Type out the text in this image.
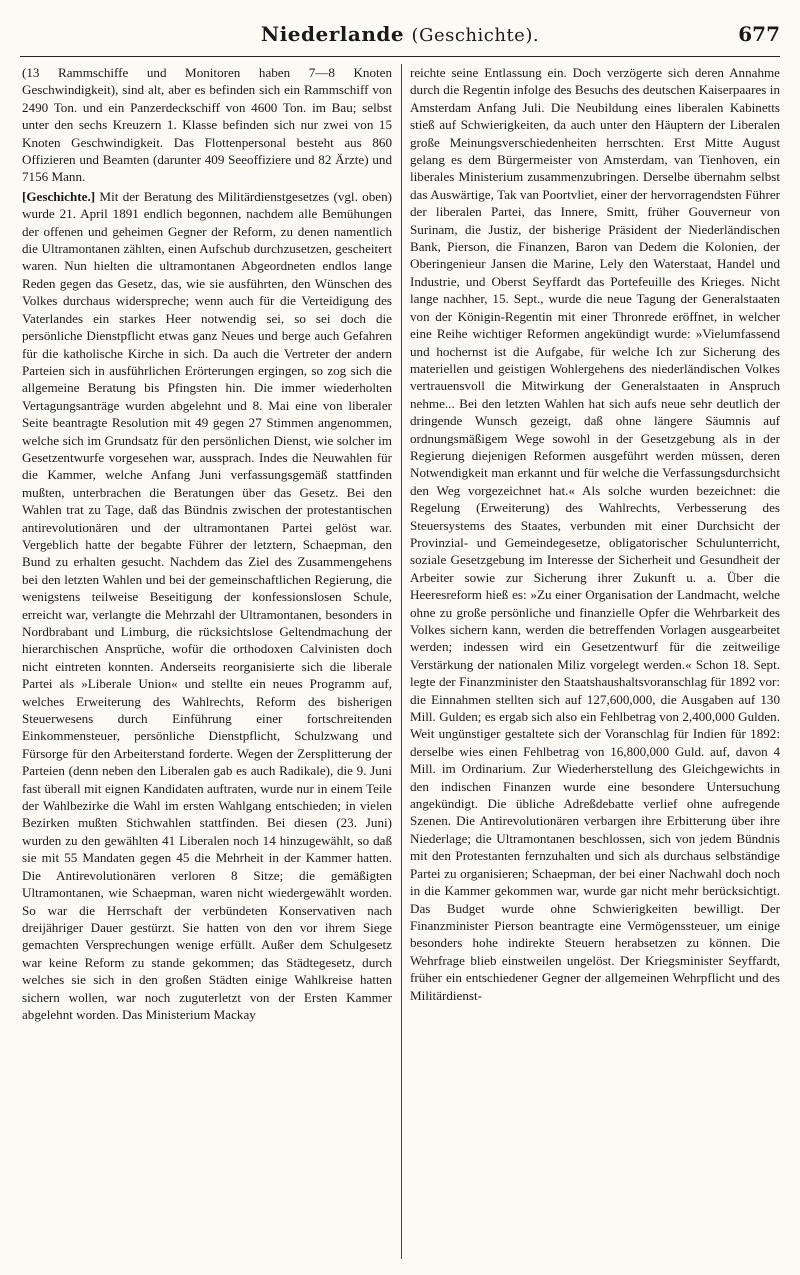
Niederlande (Geschichte).	677

(13 Rammschiffe und Monitoren haben 7—8 Knoten Geschwindigkeit), sind alt, aber es befinden sich ein Rammschiff von 2490 Ton. und ein Panzerdeckschiff von 4600 Ton. im Bau; selbst unter den sechs Kreuzern 1. Klasse befinden sich nur zwei von 15 Knoten Geschwindigkeit. Das Flottenpersonal besteht aus 860 Offizieren und Beamten (darunter 409 Seeoffiziere und 82 Ärzte) und 7156 Mann.

[Geschichte.] Mit der Beratung des Militärdienstgesetzes (vgl. oben) wurde 21. April 1891 endlich begonnen, nachdem alle Bemühungen der offenen und geheimen Gegner der Reform, zu denen namentlich die Ultramontanen zählten, einen Aufschub durchzusetzen, gescheitert waren. Nun hielten die ultramontanen Abgeordneten endlos lange Reden gegen das Gesetz, das, wie sie ausführten, den Wünschen des Volkes durchaus widerspreche; wenn auch für die Verteidigung des Vaterlandes ein starkes Heer notwendig sei, so sei doch die persönliche Dienstpflicht etwas ganz Neues und berge auch Gefahren für die katholische Kirche in sich. Da auch die Vertreter der andern Parteien sich in ausführlichen Erörterungen ergingen, so zog sich die allgemeine Beratung bis Pfingsten hin. Die immer wiederholten Vertagungsanträge wurden abgelehnt und 8. Mai eine von liberaler Seite beantragte Resolution mit 49 gegen 27 Stimmen angenommen, welche sich im Grundsatz für den persönlichen Dienst, wie solcher im Gesetzentwurfe vorgesehen war, aussprach. Indes die Neuwahlen für die Kammer, welche Anfang Juni verfassungsgemäß stattfinden mußten, unterbrachen die Beratungen über das Gesetz. Bei den Wahlen trat zu Tage, daß das Bündnis zwischen der protestantischen antirevolutionären und der ultramontanen Partei gelöst war. Vergeblich hatte der begabte Führer der letztern, Schaepman, den Bund zu erhalten gesucht. Nachdem das Ziel des Zusammengehens bei den letzten Wahlen und bei der gemeinschaftlichen Regierung, die wenigstens teilweise Beseitigung der konfessionslosen Schule, erreicht war, verlangte die Mehrzahl der Ultramontanen, besonders in Nordbrabant und Limburg, die rücksichtslose Geltendmachung der hierarchischen Ansprüche, wofür die orthodoxen Calvinisten doch nicht eintreten konnten. Anderseits reorganisierte sich die liberale Partei als »Liberale Union« und stellte ein neues Programm auf, welches Erweiterung des Wahlrechts, Reform des bisherigen Steuerwesens durch Einführung einer fortschreitenden Einkommensteuer, persönliche Dienstpflicht, Schulzwang und Fürsorge für den Arbeiterstand forderte. Wegen der Zersplitterung der Parteien (denn neben den Liberalen gab es auch Radikale), die 9. Juni fast überall mit eignen Kandidaten auftraten, wurde nur in einem Teile der Wahlbezirke die Wahl im ersten Wahlgang entschieden; in vielen Bezirken mußten Stichwahlen stattfinden. Bei diesen (23. Juni) wurden zu den gewählten 41 Liberalen noch 14 hinzugewählt, so daß sie mit 55 Mandaten gegen 45 die Mehrheit in der Kammer hatten. Die Antirevolutionären verloren 8 Sitze; die gemäßigten Ultramontanen, wie Schaepman, waren nicht wiedergewählt worden. So war die Herrschaft der verbündeten Konservativen nach dreijähriger Dauer gestürzt. Sie hatten von den vor ihrem Siege gemachten Versprechungen wenige erfüllt. Außer dem Schulgesetz war keine Reform zu stande gekommen; das Städtegesetz, durch welches sie sich in den großen Städten einige Wahlkreise hatten sichern wollen, war noch zuguterletzt von der Ersten Kammer abgelehnt worden. Das Ministerium Mackay

reichte seine Entlassung ein. Doch verzögerte sich deren Annahme durch die Regentin infolge des Besuchs des deutschen Kaiserpaares in Amsterdam Anfang Juli. Die Neubildung eines liberalen Kabinetts stieß auf Schwierigkeiten, da auch unter den Häuptern der Liberalen große Meinungsverschiedenheiten herrschten. Erst Mitte August gelang es dem Bürgermeister von Amsterdam, van Tienhoven, ein liberales Ministerium zusammenzubringen. Derselbe übernahm selbst das Auswärtige, Tak van Poortvliet, einer der hervorragendsten Führer der liberalen Partei, das Innere, Smitt, früher Gouverneur von Surinam, die Justiz, der bisherige Präsident der Niederländischen Bank, Pierson, die Finanzen, Baron van Dedem die Kolonien, der Oberingenieur Jansen die Marine, Lely den Waterstaat, Handel und Industrie, und Oberst Seyffardt das Portefeuille des Krieges. Nicht lange nachher, 15. Sept., wurde die neue Tagung der Generalstaaten von der Königin-Regentin mit einer Thronrede eröffnet, in welcher eine Reihe wichtiger Reformen angekündigt wurde: »Vielumfassend und hochernst ist die Aufgabe, für welche Ich zur Sicherung des materiellen und geistigen Wohlergehens des niederländischen Volkes vertrauensvoll die Mitwirkung der Generalstaaten in Anspruch nehme... Bei den letzten Wahlen hat sich aufs neue sehr deutlich der dringende Wunsch gezeigt, daß ohne längere Säumnis auf ordnungsmäßigem Wege sowohl in der Gesetzgebung als in der Regierung diejenigen Reformen ausgeführt werden müssen, deren Notwendigkeit man erkannt und für welche die Verfassungsdurchsicht den Weg vorgezeichnet hat.« Als solche wurden bezeichnet: die Regelung (Erweiterung) des Wahlrechts, Verbesserung des Steuersystems des Staates, verbunden mit einer Durchsicht der Provinzial- und Gemeindegesetze, obligatorischer Schulunterricht, soziale Gesetzgebung im Interesse der Sicherheit und Gesundheit der Arbeiter sowie zur Sicherung ihrer Zukunft u. a. Über die Heeresreform hieß es: »Zu einer Organisation der Landmacht, welche ohne zu große persönliche und finanzielle Opfer die Wehrbarkeit des Volkes sichern kann, werden die betreffenden Vorlagen ausgearbeitet werden; indessen wird ein Gesetzentwurf für die zeitweilige Verstärkung der nationalen Miliz vorgelegt werden.« Schon 18. Sept. legte der Finanzminister den Staatshaushaltsvoranschlag für 1892 vor: die Einnahmen stellten sich auf 127,600,000, die Ausgaben auf 130 Mill. Gulden; es ergab sich also ein Fehlbetrag von 2,400,000 Gulden. Weit ungünstiger gestaltete sich der Voranschlag für Indien für 1892: derselbe wies einen Fehlbetrag von 16,800,000 Guld. auf, davon 4 Mill. im Ordinarium. Zur Wiederherstellung des Gleichgewichts in den indischen Finanzen wurde eine besondere Untersuchung angekündigt. Die übliche Adreßdebatte verlief ohne aufregende Szenen. Die Antirevolutionären verbargen ihre Erbitterung über ihre Niederlage; die Ultramontanen beschlossen, sich von jedem Bündnis mit den Protestanten fernzuhalten und sich als durchaus selbständige Partei zu organisieren; Schaepman, der bei einer Nachwahl doch noch in die Kammer gekommen war, wurde gar nicht mehr berücksichtigt. Das Budget wurde ohne Schwierigkeiten bewilligt. Der Finanzminister Pierson beantragte eine Vermögenssteuer, um einige besonders hohe indirekte Steuern herabsetzen zu können. Die Wehrfrage blieb einstweilen ungelöst. Der Kriegsminister Seyffardt, früher ein entschiedener Gegner der allgemeinen Wehrpflicht und des Militärdienst-
